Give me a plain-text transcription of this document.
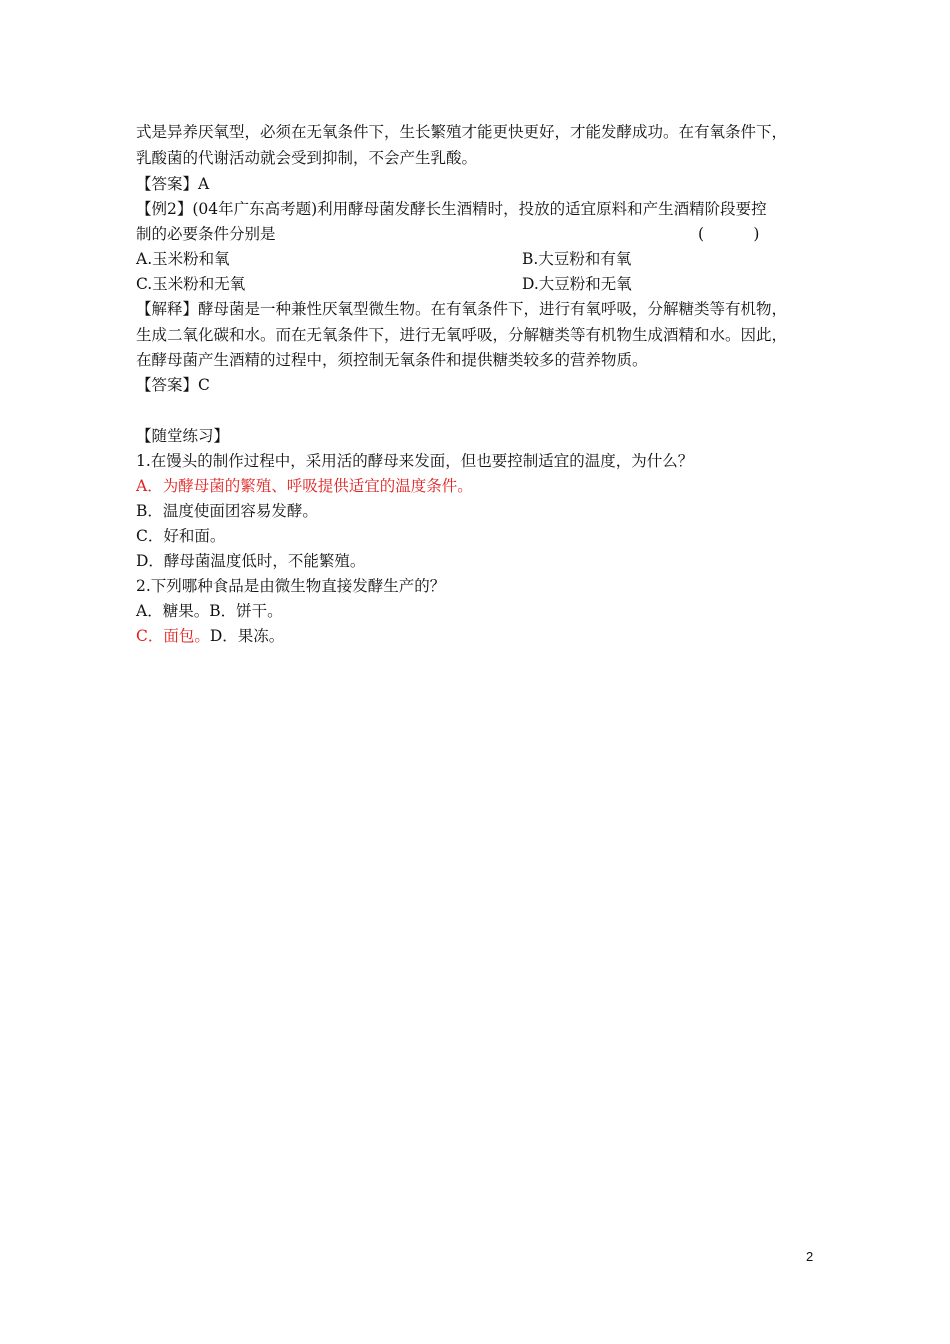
式是异养厌氧型，必须在无氧条件下，生长繁殖才能更快更好，才能发酵成功。在有氧条件下，
乳酸菌的代谢活动就会受到抑制，不会产生乳酸。
【答案】A
【例2】(04年广东高考题)利用酵母菌发酵长生酒精时，投放的适宜原料和产生酒精阶段要控
制的必要条件分别是	(          )
A.玉米粉和氧	B.大豆粉和有氧
C.玉米粉和无氧	D.大豆粉和无氧
【解释】酵母菌是一种兼性厌氧型微生物。在有氧条件下，进行有氧呼吸，分解糖类等有机物，
生成二氧化碳和水。而在无氧条件下，进行无氧呼吸，分解糖类等有机物生成酒精和水。因此，
在酵母菌产生酒精的过程中，须控制无氧条件和提供糖类较多的营养物质。
【答案】C
【随堂练习】
1.在馒头的制作过程中，采用活的酵母来发面，但也要控制适宜的温度，为什么？
A．为酵母菌的繁殖、呼吸提供适宜的温度条件。
B．温度使面团容易发酵。
C．好和面。
D．酵母菌温度低时，不能繁殖。
2.下列哪种食品是由微生物直接发酵生产的？
A．糖果。B．饼干。
C．面包。D．果冻。
2
